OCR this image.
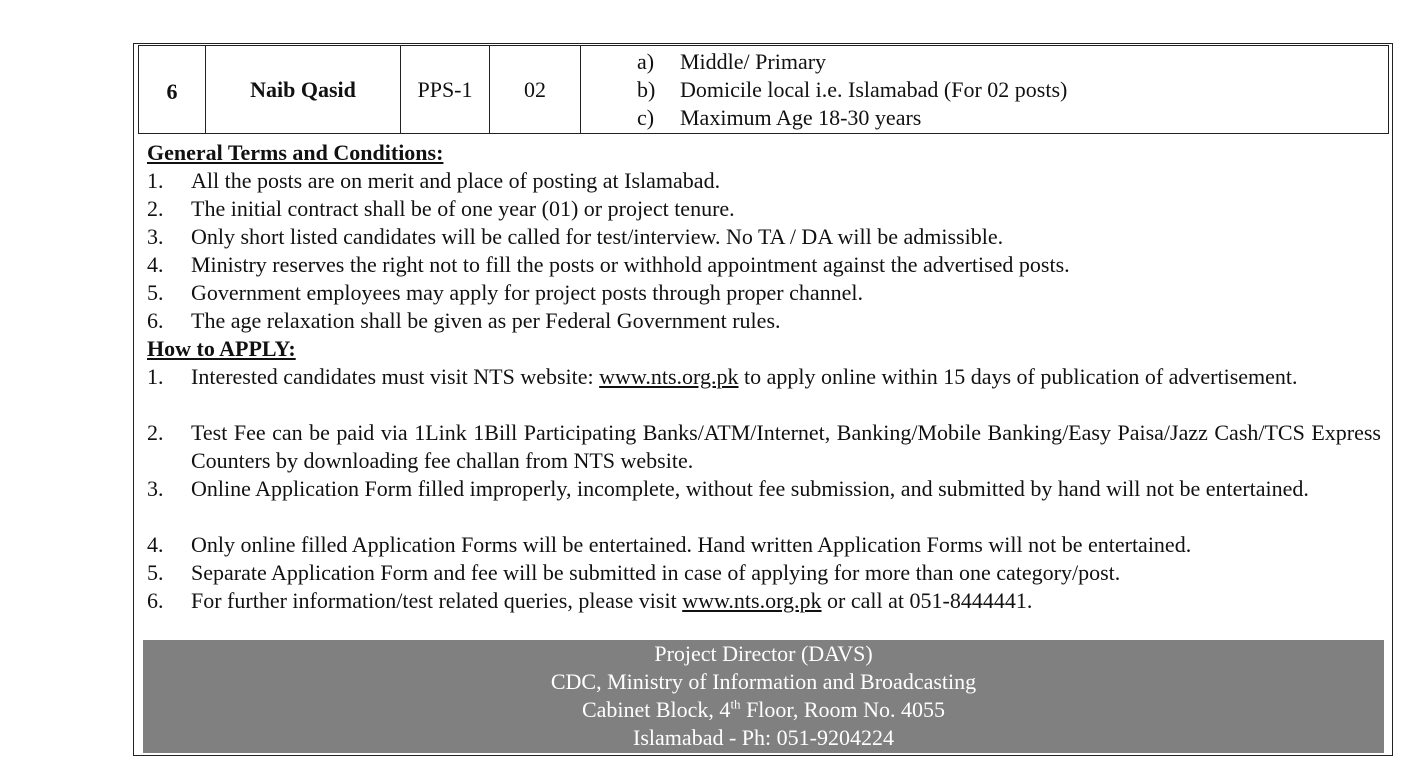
6	Naib Qasid	PPS-1	02	
a)	Middle/ Primary
b)	Domicile local i.e. Islamabad (For 02 posts)
c)	Maximum Age 18-30 years
General Terms and Conditions:
1. All the posts are on merit and place of posting at Islamabad.
2. The initial contract shall be of one year (01) or project tenure.
3. Only short listed candidates will be called for test/interview. No TA / DA will be admissible.
4. Ministry reserves the right not to fill the posts or withhold appointment against the advertised posts.
5. Government employees may apply for project posts through proper channel.
6. The age relaxation shall be given as per Federal Government rules.
How to APPLY:
1. Interested candidates must visit NTS website: www.nts.org.pk to apply online within 15 days of publication of advertisement.
2. Test Fee can be paid via 1Link 1Bill Participating Banks/ATM/Internet, Banking/Mobile Banking/Easy Paisa/Jazz Cash/TCS Express Counters by downloading fee challan from NTS website.
3. Online Application Form filled improperly, incomplete, without fee submission, and submitted by hand will not be entertained.
4. Only online filled Application Forms will be entertained. Hand written Application Forms will not be entertained.
5. Separate Application Form and fee will be submitted in case of applying for more than one category/post.
6. For further information/test related queries, please visit www.nts.org.pk or call at 051-8444441.
Project Director (DAVS)
CDC, Ministry of Information and Broadcasting
Cabinet Block, 4th Floor, Room No. 4055
Islamabad - Ph: 051-9204224
